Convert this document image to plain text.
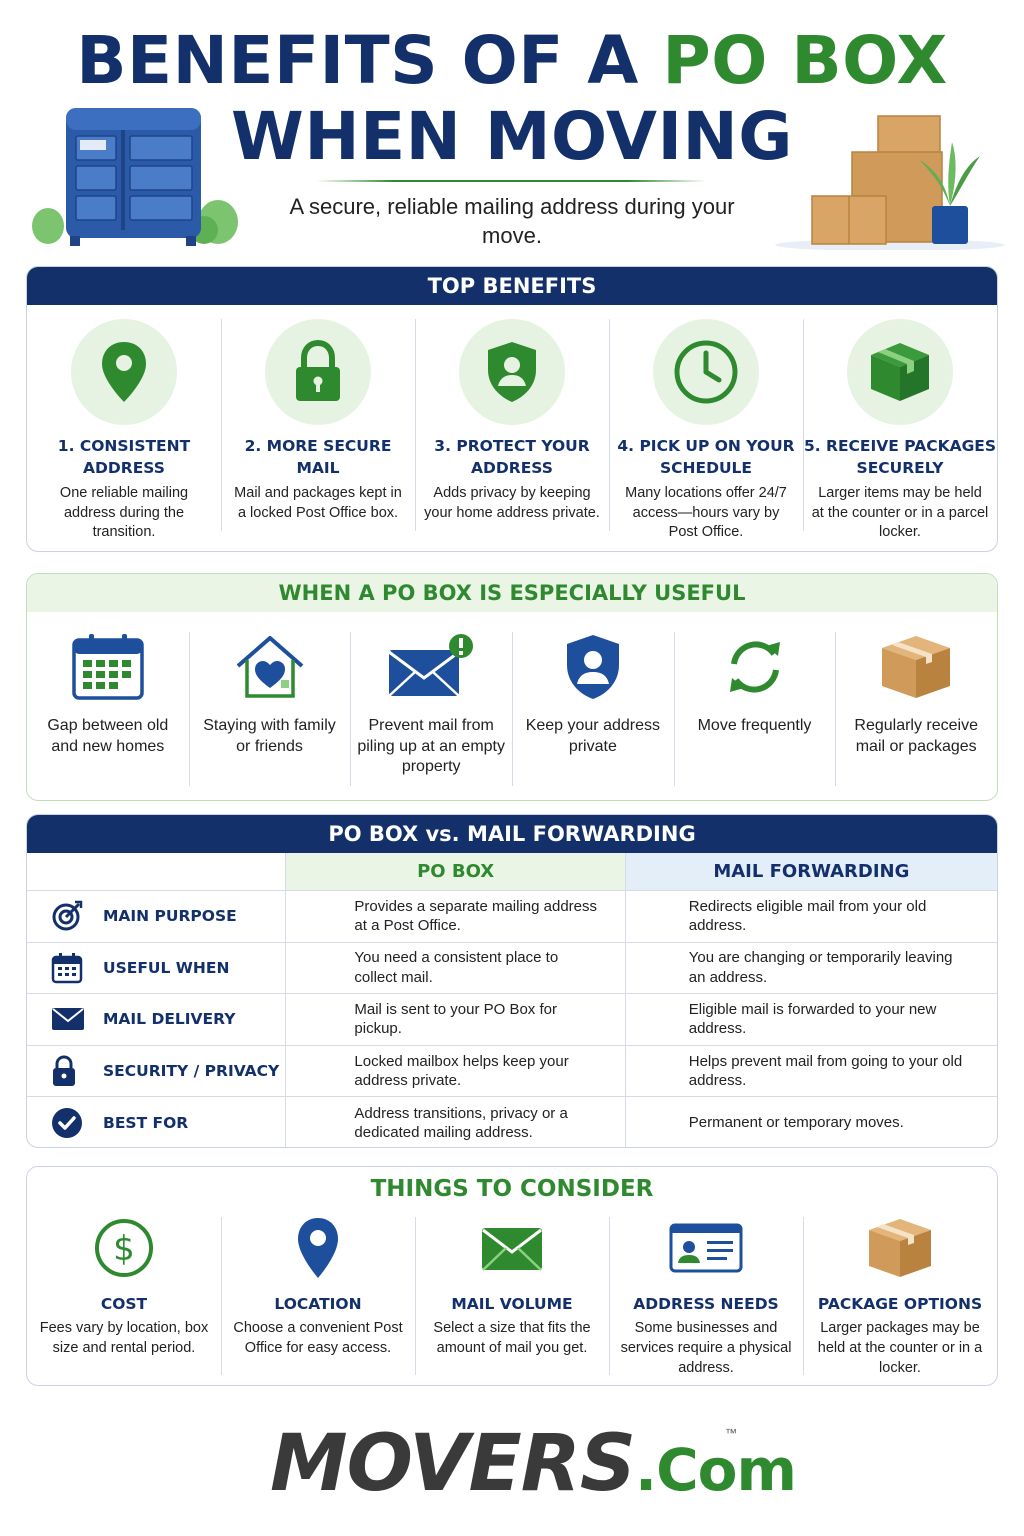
BENEFITS OF A PO BOX
WHEN MOVING
A secure, reliable mailing address during your move.
TOP BENEFITS
1. CONSISTENT ADDRESS
One reliable mailing address during the transition.
2. MORE SECURE MAIL
Mail and packages kept in a locked Post Office box.
3. PROTECT YOUR ADDRESS
Adds privacy by keeping your home address private.
4. PICK UP ON YOUR SCHEDULE
Many locations offer 24/7 access—hours vary by Post Office.
5. RECEIVE PACKAGES SECURELY
Larger items may be held at the counter or in a parcel locker.
WHEN A PO BOX IS ESPECIALLY USEFUL
Gap between old and new homes
Staying with family or friends
Prevent mail from piling up at an empty property
Keep your address private
Move frequently	Regularly receive mail or packages
PO BOX vs. MAIL FORWARDING
PO BOX	MAIL FORWARDING
MAIN PURPOSE
Provides a separate mailing address at a Post Office.
Redirects eligible mail from your old address.
USEFUL WHEN
You need a consistent place to collect mail.
You are changing or temporarily leaving an address.
MAIL DELIVERY
Mail is sent to your PO Box for pickup.
Eligible mail is forwarded to your new address.
SECURITY / PRIVACY
Locked mailbox helps keep your address private.
Helps prevent mail from going to your old address.
BEST FOR
Address transitions, privacy or a dedicated mailing address.
Permanent or temporary moves.
THINGS TO CONSIDER
$
COST
Fees vary by location, box size and rental period.
LOCATION
Choose a convenient Post Office for easy access.
MAIL VOLUME
Select a size that fits the amount of mail you get.
ADDRESS NEEDS
Some businesses and services require a physical address.
PACKAGE OPTIONS
Larger packages may be held at the counter or in a locker.
MOVERS.Com
™
